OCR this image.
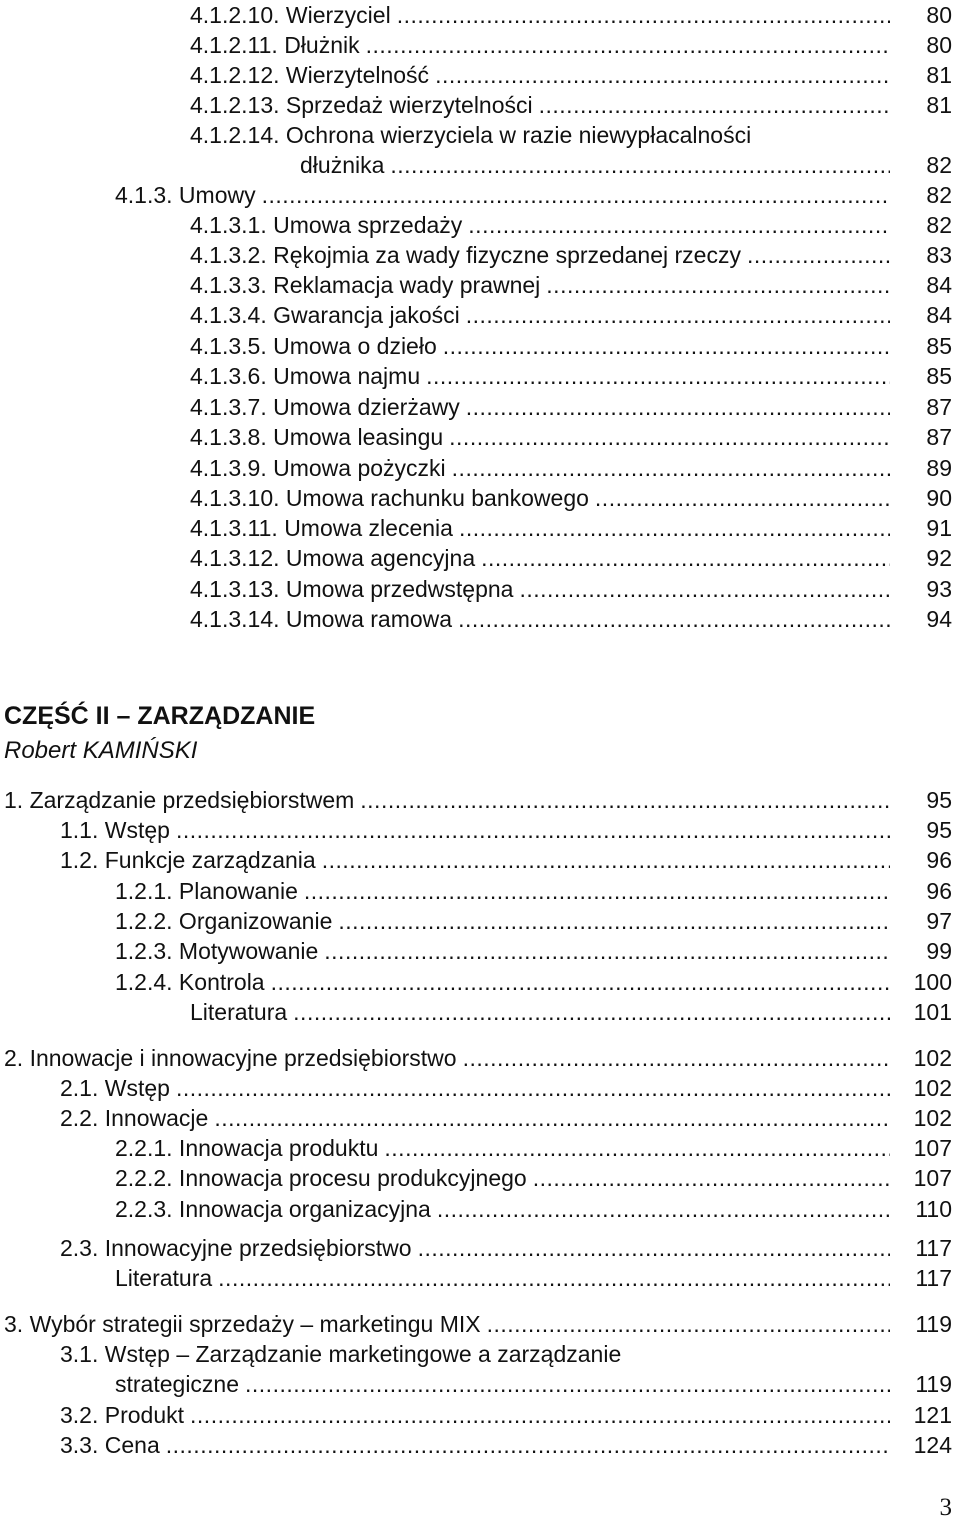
4.1.2.10. Wierzyciel .....	80
4.1.2.11. Dłużnik .....	80
4.1.2.12. Wierzytelność .....	81
4.1.2.13. Sprzedaż wierzytelności .....	81
4.1.2.14. Ochrona wierzyciela w razie niewypłacalności
dłużnika .....	82
4.1.3. Umowy .....	82
4.1.3.1. Umowa sprzedaży .....	82
4.1.3.2. Rękojmia za wady fizyczne sprzedanej rzeczy .....	83
4.1.3.3. Reklamacja wady prawnej .....	84
4.1.3.4. Gwarancja jakości .....	84
4.1.3.5. Umowa o dzieło .....	85
4.1.3.6. Umowa najmu .....	85
4.1.3.7. Umowa dzierżawy .....	87
4.1.3.8. Umowa leasingu .....	87
4.1.3.9. Umowa pożyczki .....	89
4.1.3.10. Umowa rachunku bankowego .....	90
4.1.3.11. Umowa zlecenia .....	91
4.1.3.12. Umowa agencyjna .....	92
4.1.3.13. Umowa przedwstępna .....	93
4.1.3.14. Umowa ramowa .....	94
1. Zarządzanie przedsiębiorstwem .....	95
1.1. Wstęp .....	95
1.2. Funkcje zarządzania .....	96
1.2.1. Planowanie .....	96
1.2.2. Organizowanie .....	97
1.2.3. Motywowanie .....	99
1.2.4. Kontrola .....	100
Literatura .....	101
2. Innowacje i innowacyjne przedsiębiorstwo .....	102
2.1. Wstęp .....	102
2.2. Innowacje .....	102
2.2.1. Innowacja produktu .....	107
2.2.2. Innowacja procesu produkcyjnego .....	107
2.2.3. Innowacja organizacyjna .....	110
2.3. Innowacyjne przedsiębiorstwo .....	117
Literatura .....	117
3. Wybór strategii sprzedaży – marketingu MIX .....	119
3.1. Wstęp – Zarządzanie marketingowe a zarządzanie
strategiczne .....	119
3.2. Produkt .....	121
3.3. Cena .....	124
CZĘŚĆ II – ZARZĄDZANIE
Robert KAMIŃSKI
3
